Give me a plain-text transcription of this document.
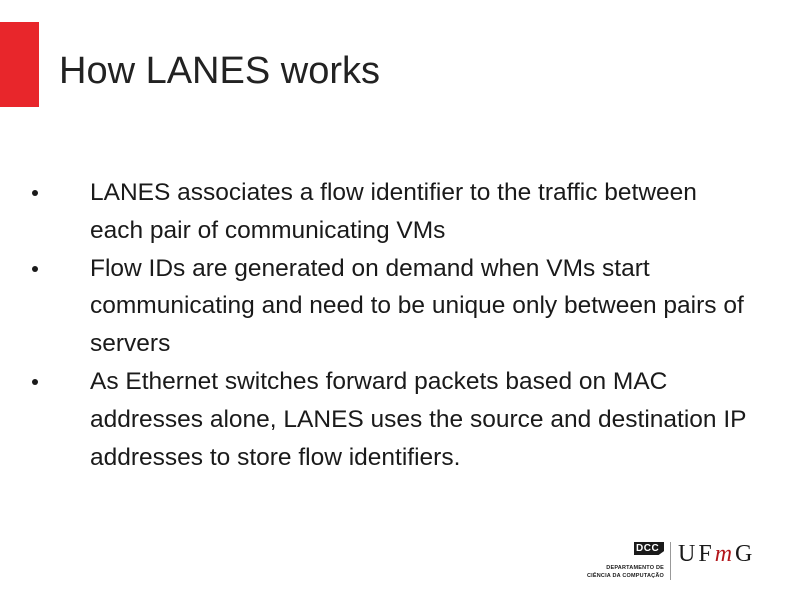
How LANES works
LANES associates a flow identifier to the traffic between each pair of communicating VMs
Flow IDs are generated on demand when VMs start communicating and need to be unique only between pairs of servers
As Ethernet switches forward packets based on MAC addresses alone, LANES uses the source and destination IP addresses to store flow identifiers.
DCC
DEPARTAMENTO DE
CIÊNCIA DA COMPUTAÇÃO
UFmG
